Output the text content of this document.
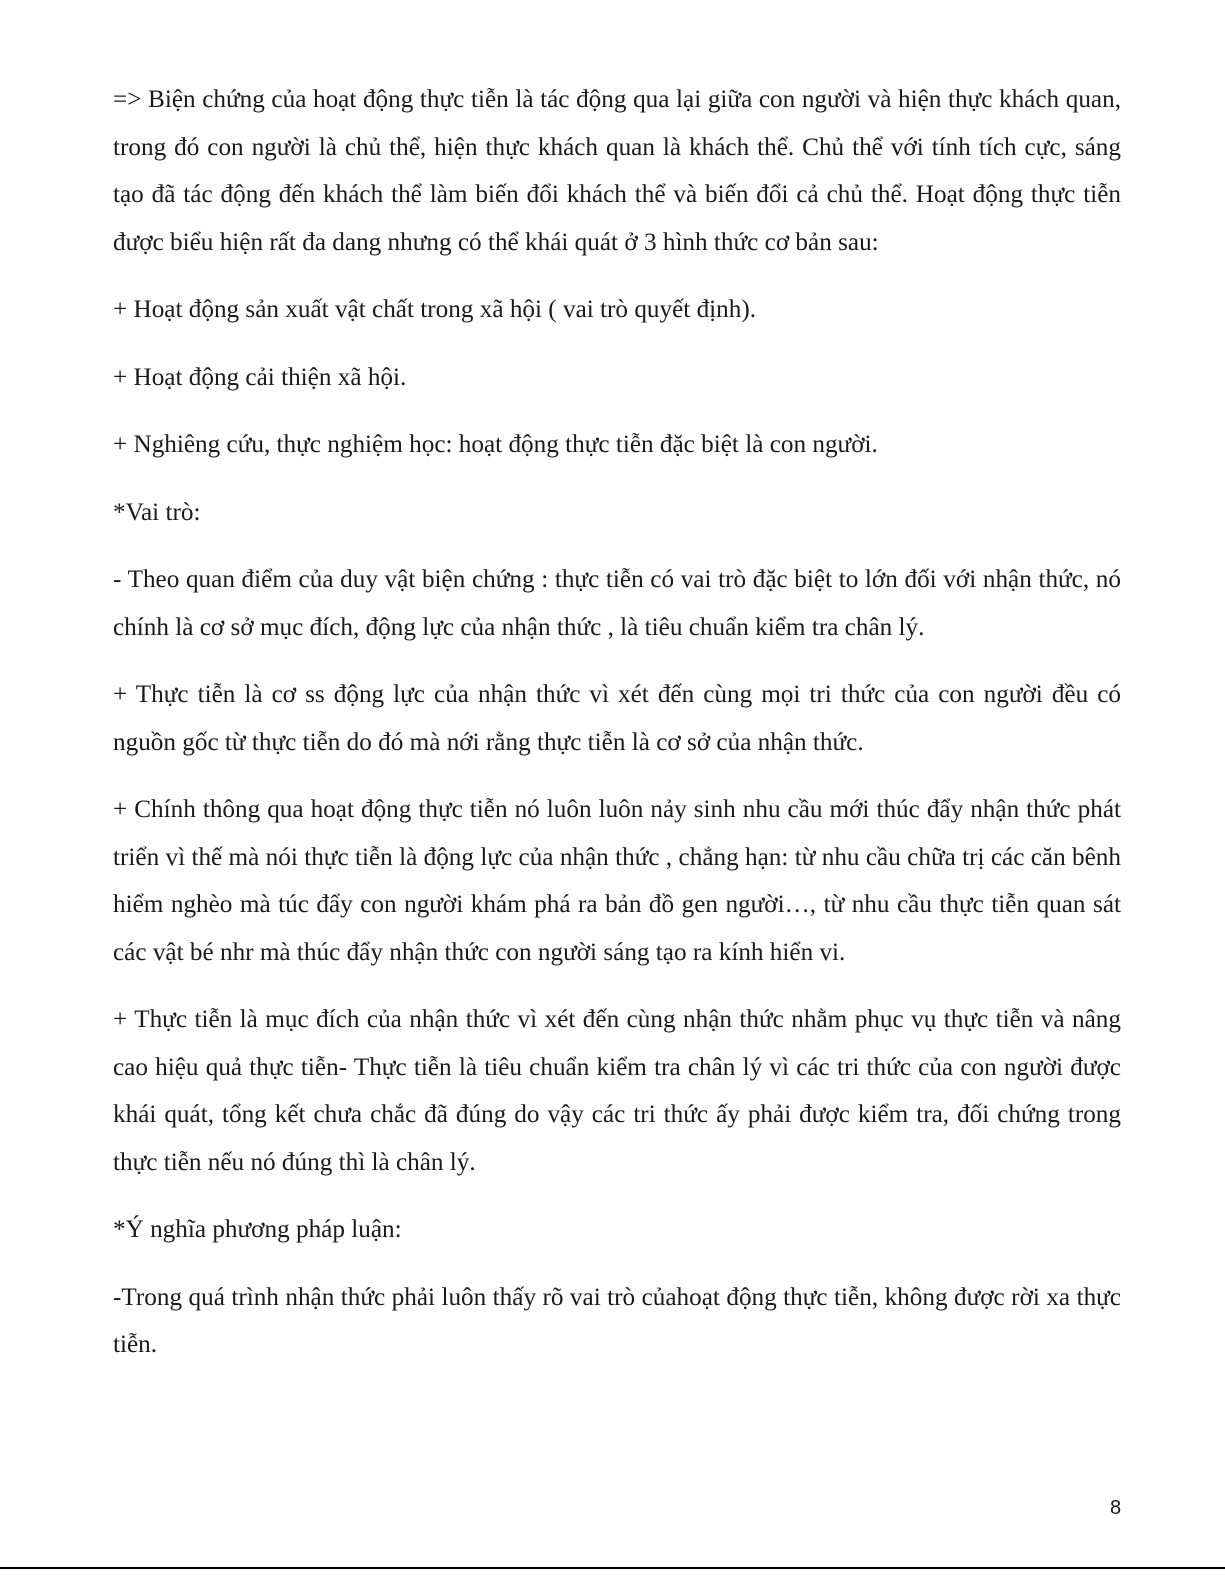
=> Biện chứng của hoạt động thực tiễn là tác động qua lại giữa con người và hiện thực khách quan, trong đó con người là chủ thể, hiện thực khách quan là khách thể. Chủ thể với tính tích cực, sáng tạo đã tác động đến khách thể làm biến đổi khách thể và biến đổi cả chủ thể. Hoạt động thực tiễn được biểu hiện rất đa dang nhưng có thể khái quát ở 3 hình thức cơ bản sau:

+ Hoạt động sản xuất vật chất trong xã hội ( vai trò quyết định).

+ Hoạt động cải thiện xã hội.

+ Nghiêng cứu, thực nghiệm học: hoạt động thực tiễn đặc biệt là con người.

*Vai trò:

- Theo quan điểm của duy vật biện chứng : thực tiễn có vai trò đặc biệt to lớn đối với nhận thức, nó chính là cơ sở mục đích, động lực của nhận thức , là tiêu chuẩn kiểm tra chân lý.

+ Thực tiễn là cơ ss động lực của nhận thức vì xét đến cùng mọi tri thức của con người đều có nguồn gốc từ thực tiễn do đó mà nới rằng thực tiễn là cơ sở của nhận thức.

+ Chính thông qua hoạt động thực tiễn nó luôn luôn nảy sinh nhu cầu mới thúc đẩy nhận thức phát triển vì thế mà nói thực tiễn là động lực của nhận thức , chẳng hạn: từ nhu cầu chữa trị các căn bênh hiểm nghèo mà túc đẩy con người khám phá ra bản đồ gen người…, từ nhu cầu thực tiễn quan sát các vật bé nhr mà thúc đẩy nhận thức con người sáng tạo ra kính hiển vi.

+ Thực tiễn là mục đích của nhận thức vì xét đến cùng nhận thức nhằm phục vụ thực tiễn và nâng cao hiệu quả thực tiễn- Thực tiễn là tiêu chuẩn kiểm tra chân lý vì các tri thức của con người được khái quát, tổng kết chưa chắc đã đúng do vậy các tri thức ấy phải được kiểm tra, đối chứng trong thực tiễn nếu nó đúng thì là chân lý.

*Ý nghĩa phương pháp luận:

-Trong quá trình nhận thức phải luôn thấy rõ vai trò củahoạt động thực tiễn, không được rời xa thực tiễn.

8
